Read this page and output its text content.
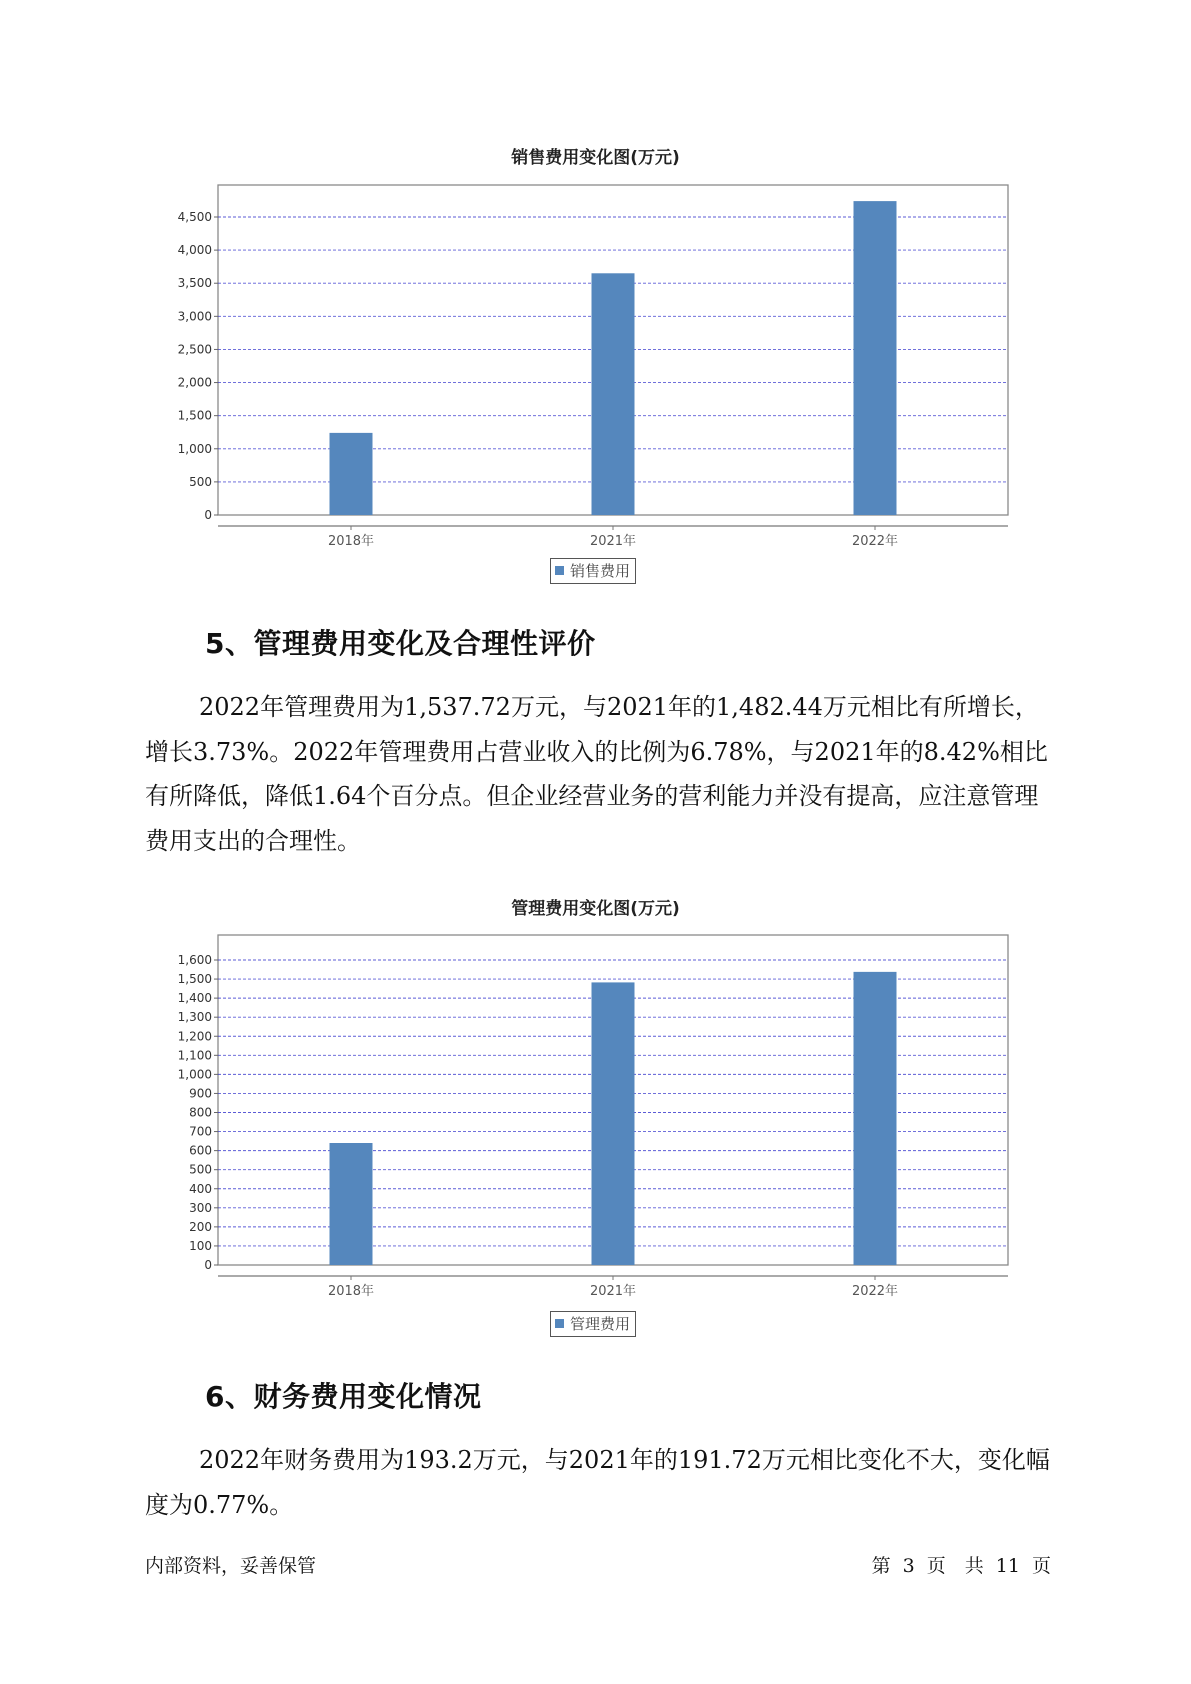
销售费用变化图(万元)
0
500
1,000
1,500
2,000
2,500
3,000
3,500
4,000
4,500
2018年	2021年	2022年
销售费用
5、管理费用变化及合理性评价
2022年管理费用为1,537.72万元，与2021年的1,482.44万元相比有所增长，增长3.73%。2022年管理费用占营业收入的比例为6.78%，与2021年的8.42%相比有所降低，降低1.64个百分点。但企业经营业务的营利能力并没有提高，应注意管理费用支出的合理性。
管理费用变化图(万元)
0
100
200
300
400
500
600
700
800
900
1,000
1,100
1,200
1,300
1,400
1,500
1,600
2018年	2021年	2022年
管理费用
6、财务费用变化情况
2022年财务费用为193.2万元，与2021年的191.72万元相比变化不大，变化幅度为0.77%。
内部资料，妥善保管	第 3 页　共 11 页
